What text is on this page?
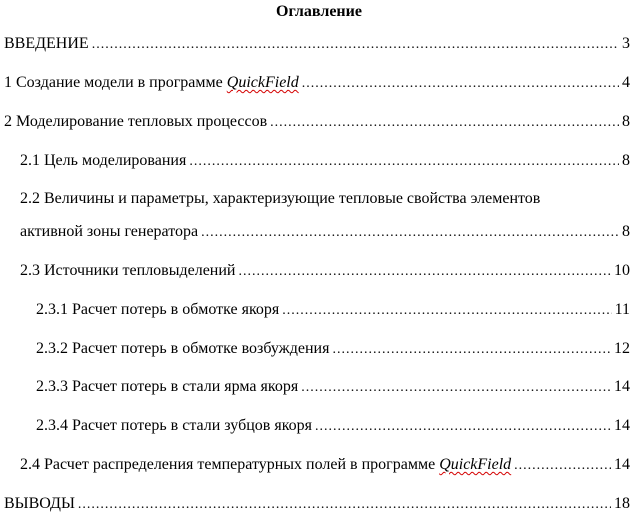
Оглавление
ВВЕДЕНИЕ .....	3
1 Создание модели в программе QuickField .....	4
2 Моделирование тепловых процессов .....	8
2.1 Цель моделирования .....	8
2.2 Величины и параметры, характеризующие тепловые свойства элементов
активной зоны генератора .....	8
2.3 Источники тепловыделений .....	10
2.3.1 Расчет потерь в обмотке якоря .....	11
2.3.2 Расчет потерь в обмотке возбуждения .....	12
2.3.3 Расчет потерь в стали ярма якоря .....	14
2.3.4 Расчет потерь в стали зубцов якоря .....	14
2.4 Расчет распределения температурных полей в программе QuickField .....	14
ВЫВОДЫ .....	18
